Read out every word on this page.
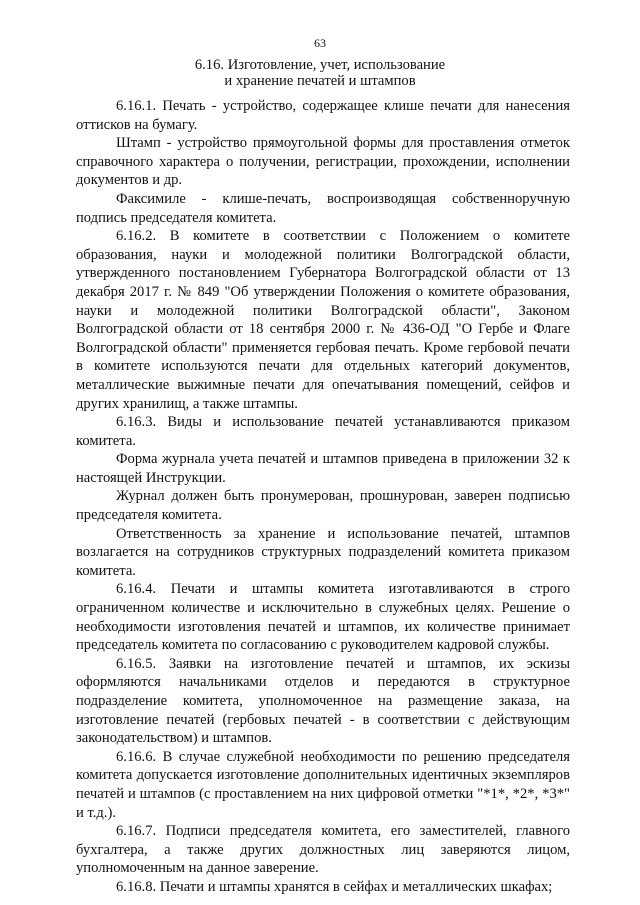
63
6.16. Изготовление, учет, использование
и хранение печатей и штампов

6.16.1. Печать - устройство, содержащее клише печати для нанесения оттисков на бумагу.

Штамп - устройство прямоугольной формы для проставления отметок справочного характера о получении, регистрации, прохождении, исполнении документов и др.

Факсимиле - клише-печать, воспроизводящая собственноручную подпись председателя комитета.

6.16.2. В комитете в соответствии с Положением о комитете образования, науки и молодежной политики Волгоградской области, утвержденного постановлением Губернатора Волгоградской области от 13 декабря 2017 г. № 849 "Об утверждении Положения о комитете образования, науки и молодежной политики Волгоградской области", Законом Волгоградской области от 18 сентября 2000 г. № 436-ОД "О Гербе и Флаге Волгоградской области" применяется гербовая печать. Кроме гербовой печати в комитете используются печати для отдельных категорий документов, металлические выжимные печати для опечатывания помещений, сейфов и других хранилищ, а также штампы.

6.16.3. Виды и использование печатей устанавливаются приказом комитета.

Форма журнала учета печатей и штампов приведена в приложении 32 к настоящей Инструкции.

Журнал должен быть пронумерован, прошнурован, заверен подписью председателя комитета.

Ответственность за хранение и использование печатей, штампов возлагается на сотрудников структурных подразделений комитета приказом комитета.

6.16.4. Печати и штампы комитета изготавливаются в строго ограниченном количестве и исключительно в служебных целях. Решение о необходимости изготовления печатей и штампов, их количестве принимает председатель комитета по согласованию с руководителем кадровой службы.

6.16.5. Заявки на изготовление печатей и штампов, их эскизы оформляются начальниками отделов и передаются в структурное подразделение комитета, уполномоченное на размещение заказа, на изготовление печатей (гербовых печатей - в соответствии с действующим законодательством) и штампов.

6.16.6. В случае служебной необходимости по решению председателя комитета допускается изготовление дополнительных идентичных экземпляров печатей и штампов (с проставлением на них цифровой отметки "*1*, *2*, *3*" и т.д.).

6.16.7. Подписи председателя комитета, его заместителей, главного бухгалтера, а также других должностных лиц заверяются лицом, уполномоченным на данное заверение.

6.16.8. Печати и штампы хранятся в сейфах и металлических шкафах;
